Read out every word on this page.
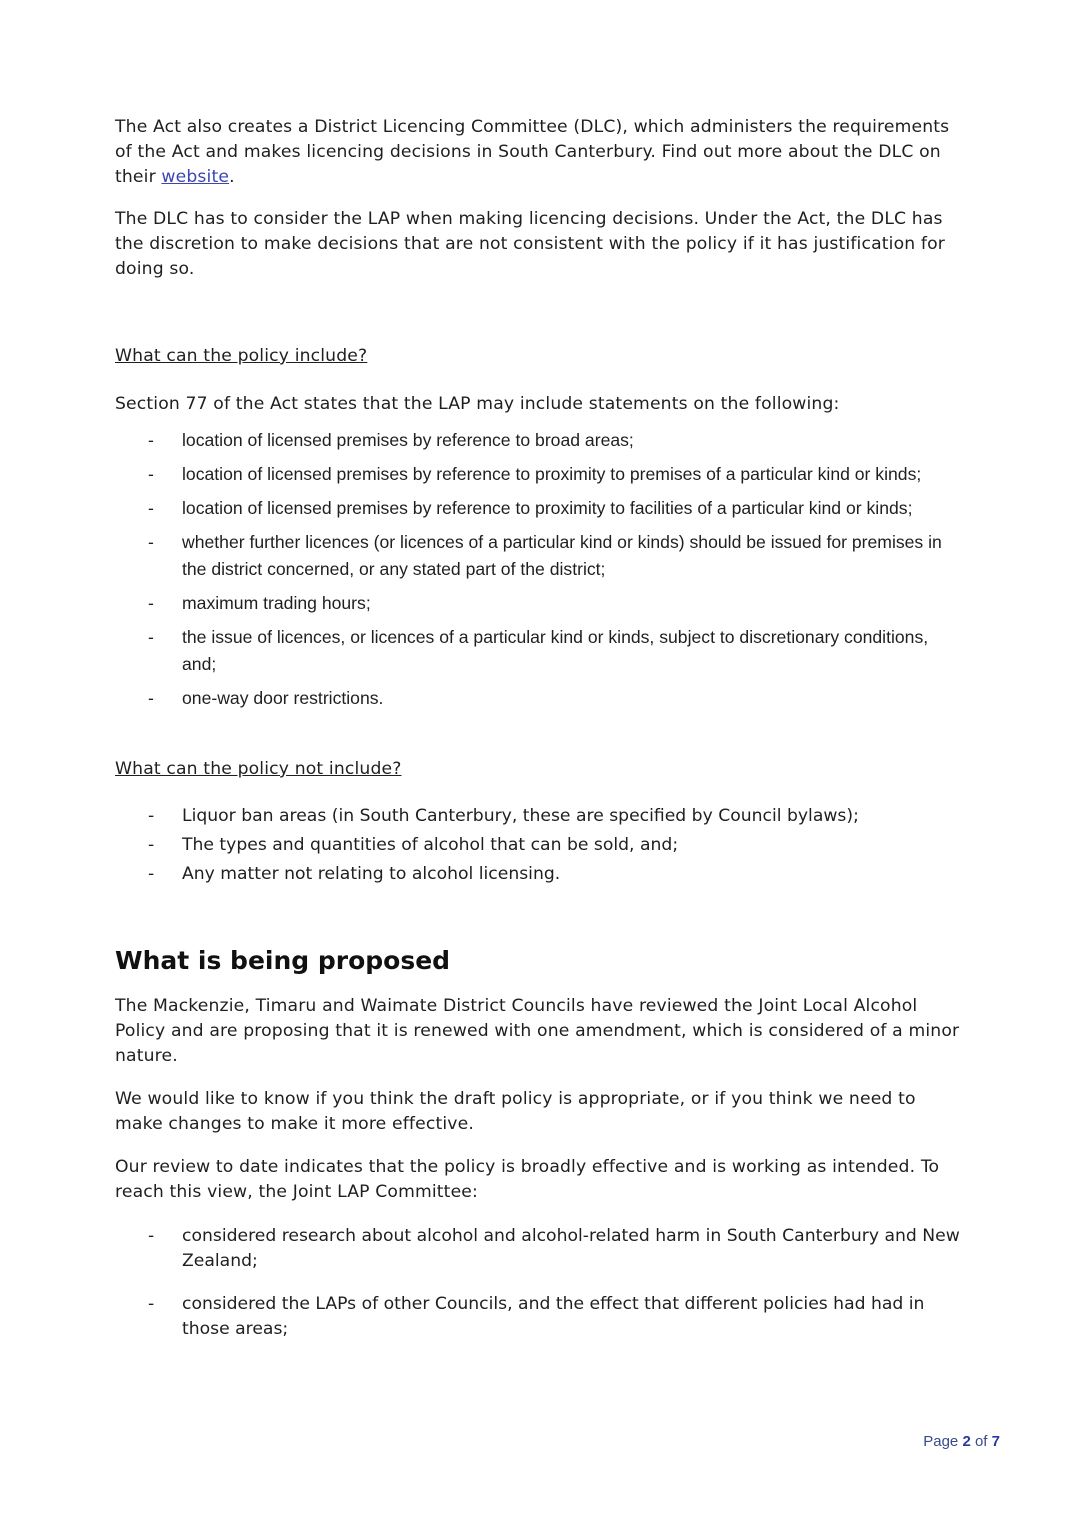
The Act also creates a District Licencing Committee (DLC), which administers the requirements of the Act and makes licencing decisions in South Canterbury. Find out more about the DLC on their website.

The DLC has to consider the LAP when making licencing decisions. Under the Act, the DLC has the discretion to make decisions that are not consistent with the policy if it has justification for doing so.

What can the policy include?

Section 77 of the Act states that the LAP may include statements on the following:

- location of licensed premises by reference to broad areas;
- location of licensed premises by reference to proximity to premises of a particular kind or kinds;
- location of licensed premises by reference to proximity to facilities of a particular kind or kinds;
- whether further licences (or licences of a particular kind or kinds) should be issued for premises in the district concerned, or any stated part of the district;
- maximum trading hours;
- the issue of licences, or licences of a particular kind or kinds, subject to discretionary conditions, and;
- one-way door restrictions.
What can the policy not include?
- Liquor ban areas (in South Canterbury, these are specified by Council bylaws);
- The types and quantities of alcohol that can be sold, and;
- Any matter not relating to alcohol licensing.
What is being proposed

The Mackenzie, Timaru and Waimate District Councils have reviewed the Joint Local Alcohol Policy and are proposing that it is renewed with one amendment, which is considered of a minor nature.

We would like to know if you think the draft policy is appropriate, or if you think we need to make changes to make it more effective.

Our review to date indicates that the policy is broadly effective and is working as intended. To reach this view, the Joint LAP Committee:

- considered research about alcohol and alcohol-related harm in South Canterbury and New Zealand;
- considered the LAPs of other Councils, and the effect that different policies had had in those areas;
Page 2 of 7
